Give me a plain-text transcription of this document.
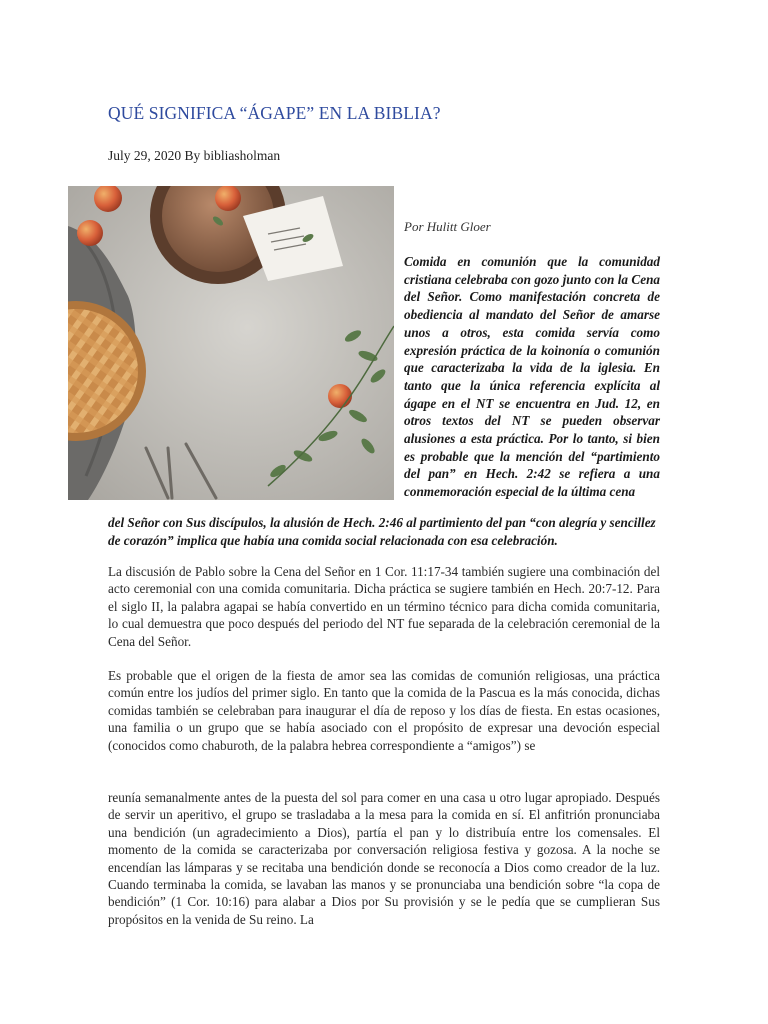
QUÉ SIGNIFICA “ÁGAPE” EN LA BIBLIA?
July 29, 2020 By bibliasholman
Por Hulitt Gloer

Comida en comunión que la comunidad cristiana celebraba con gozo junto con la Cena del Señor. Como manifestación concreta de obediencia al mandato del Señor de amarse unos a otros, esta comida servía como expresión práctica de la koinonía o comunión que caracterizaba la vida de la iglesia. En tanto que la única referencia explícita al ágape en el NT se encuentra en Jud. 12, en otros textos del NT se pueden observar alusiones a esta práctica. Por lo tanto, si bien es probable que la mención del “partimiento del pan” en Hech. 2:42 se refiera a una conmemoración especial de la última cena

del Señor con Sus discípulos, la alusión de Hech. 2:46 al partimiento del pan “con alegría y sencillez de corazón” implica que había una comida social relacionada con esa celebración.

La discusión de Pablo sobre la Cena del Señor en 1 Cor. 11:17-34 también sugiere una combinación del acto ceremonial con una comida comunitaria. Dicha práctica se sugiere también en Hech. 20:7-12. Para el siglo II, la palabra agapai se había convertido en un término técnico para dicha comida comunitaria, lo cual demuestra que poco después del periodo del NT fue separada de la celebración ceremonial de la Cena del Señor.

Es probable que el origen de la fiesta de amor sea las comidas de comunión religiosas, una práctica común entre los judíos del primer siglo. En tanto que la comida de la Pascua es la más conocida, dichas comidas también se celebraban para inaugurar el día de reposo y los días de fiesta. En estas ocasiones, una familia o un grupo que se había asociado con el propósito de expresar una devoción especial (conocidos como chaburoth, de la palabra hebrea correspondiente a “amigos”) se

reunía semanalmente antes de la puesta del sol para comer en una casa u otro lugar apropiado. Después de servir un aperitivo, el grupo se trasladaba a la mesa para la comida en sí. El anfitrión pronunciaba una bendición (un agradecimiento a Dios), partía el pan y lo distribuía entre los comensales. El momento de la comida se caracterizaba por conversación religiosa festiva y gozosa. A la noche se encendían las lámparas y se recitaba una bendición donde se reconocía a Dios como creador de la luz. Cuando terminaba la comida, se lavaban las manos y se pronunciaba una bendición sobre “la copa de bendición” (1 Cor. 10:16) para alabar a Dios por Su provisión y se le pedía que se cumplieran Sus propósitos en la venida de Su reino. La
